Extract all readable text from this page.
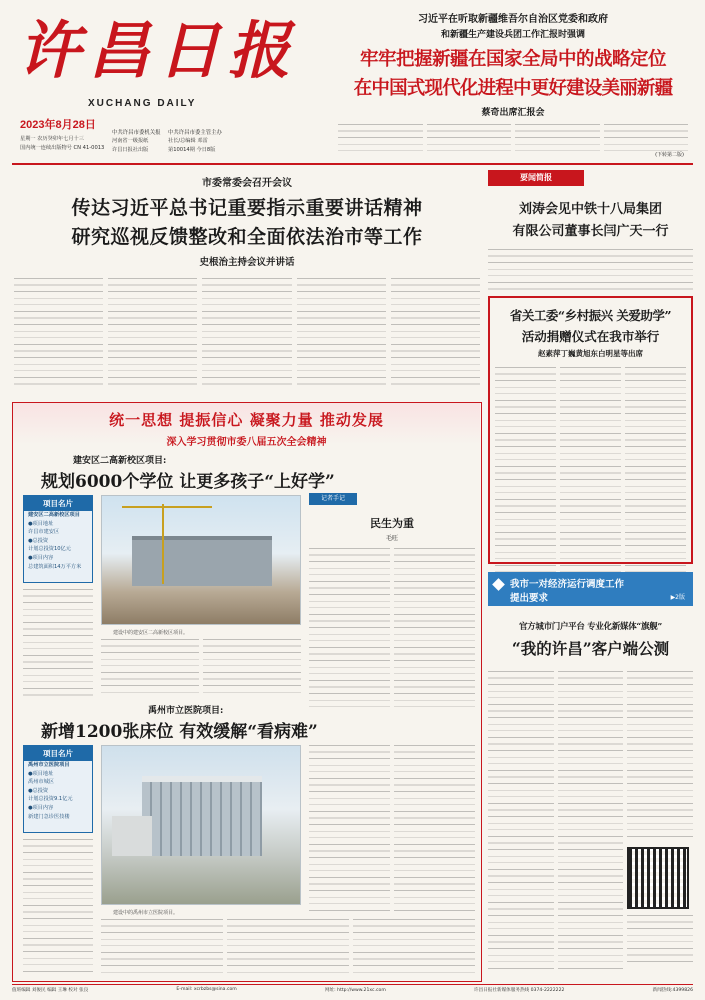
许昌日报
XUCHANG DAILY
2023年8月28日
星期一 农历癸卯年七月十三
国内统一连续出版物号 CN 41-0013
中共许昌市委机关报
河南省一级报纸
许昌日报社出版
中共许昌市委主管主办
社长/总编辑 邓雷
第10014期 今日8版
习近平在听取新疆维吾尔自治区党委和政府
和新疆生产建设兵团工作汇报时强调
牢牢把握新疆在国家全局中的战略定位
在中国式现代化进程中更好建设美丽新疆
蔡奇出席汇报会
(下转第二版)
市委常委会召开会议
传达习近平总书记重要指示重要讲话精神
研究巡视反馈整改和全面依法治市等工作
史根治主持会议并讲话
要闻简报
刘涛会见中铁十八局集团
有限公司董事长闫广天一行
省关工委“乡村振兴 关爱助学”
活动捐赠仪式在我市举行
赵素萍丁巍黄旭东白明星等出席
我市一对经济运行调度工作
提出要求	▶2版
官方城市门户平台 专业化新媒体“旗舰”
“我的许昌”客户端公测
统一思想 提振信心 凝聚力量 推动发展
深入学习贯彻市委八届五次全会精神
建安区二高新校区项目:
规划6000个学位 让更多孩子“上好学”
项目名片
建安区二高新校区项目
●项目地址
许昌市建安区
●总投资
计划总投资10亿元
●项目内容
总建筑面积14万平方米
建设中的建安区二高新校区项目。
记者手记
民生为重
毛旺
禹州市立医院项目:
新增1200张床位 有效缓解“看病难”
项目名片
禹州市立医院项目
●项目地址
禹州市城区
●总投资
计划总投资9.1亿元
●项目内容
新建门急诊医技楼
建设中的禹州市立医院项目。
值班编辑 刘俊民 编辑 王琳 校对 张良	E-mail: xcrbzbs@sina.com	网址: http://www.21xc.com	许昌日报社新媒体服务热线 0374-2222222	新闻热线:4399826
